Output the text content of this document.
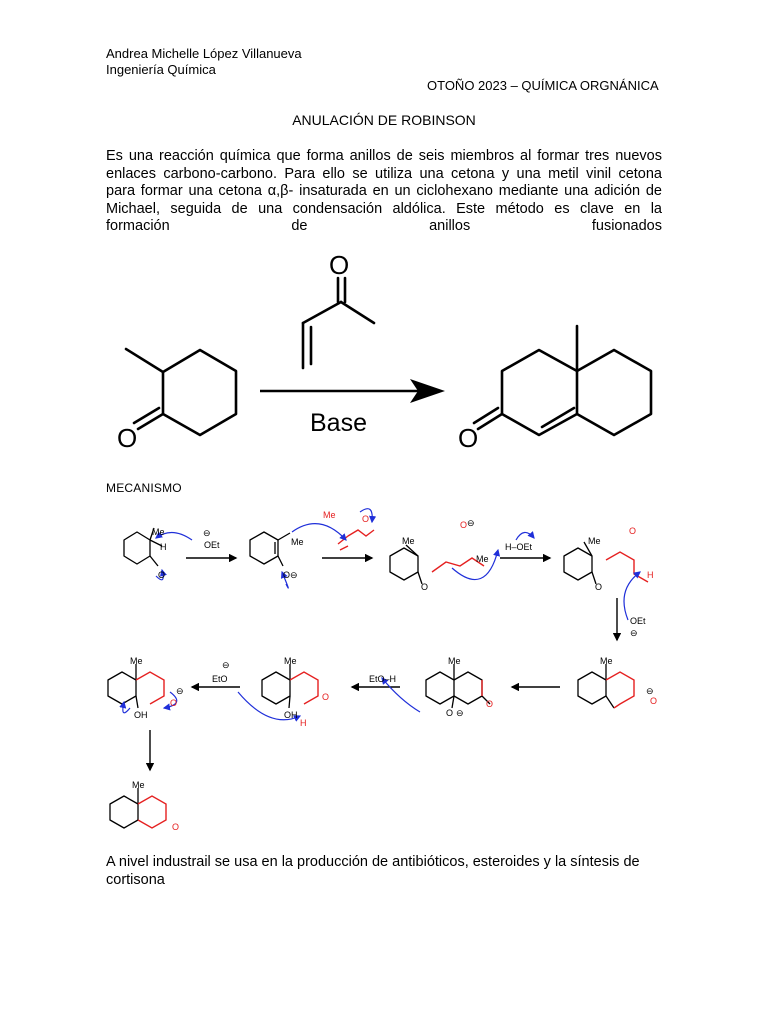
Andrea Michelle López Villanueva
Ingeniería Química
OTOÑO 2023 – QUÍMICA ORGNÁNICA
ANULACIÓN DE ROBINSON
Es una reacción química que forma anillos de seis miembros al formar tres nuevos
enlaces carbono-carbono. Para ello se utiliza una cetona y una metil vinil cetona
para formar una cetona α,β- insaturada en un ciclohexano mediante una adición de
Michael, seguida de una condensación aldólica. Este método es clave en la
formación de anillos fusionados
O
O
O
Base
MECANISMO
H	OEt
⊖
Me
O
Me
O ⊖
Me	O
Me
O
O ⊖
Me
H–OEt
Me
O
O
H
OEt
⊖
Me
⊖
O
Me
O
O ⊖
EtO–H
Me
O
OH
H
EtO
⊖
Me
⊖
O
OH
Me
O
A nivel industrail se usa en la producción de antibióticos, esteroides y la síntesis de cortisona
